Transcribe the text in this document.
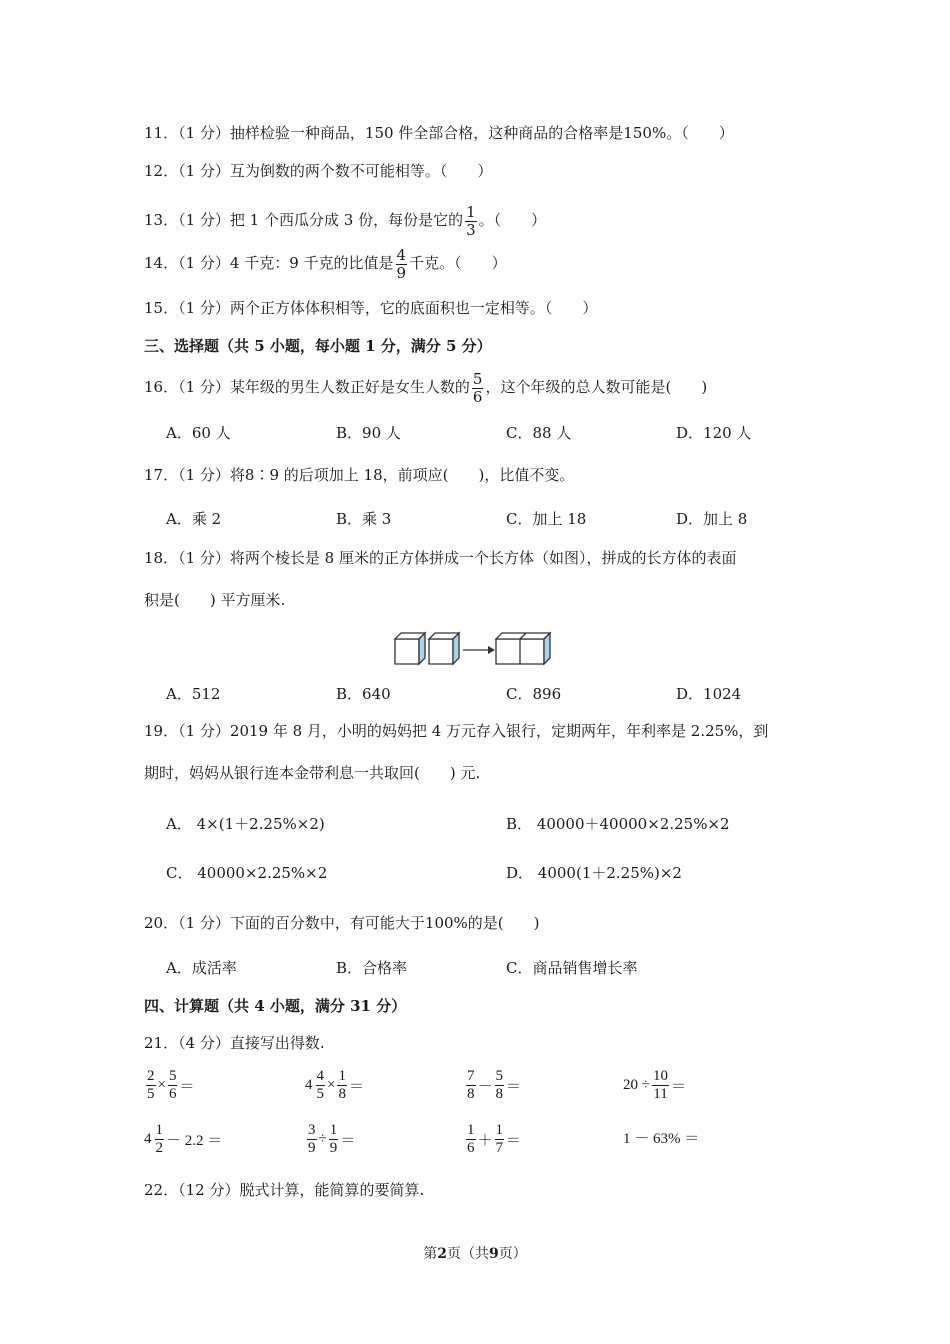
11．（1 分）抽样检验一种商品，150 件全部合格，这种商品的合格率是150%。（　　）
12．（1 分）互为倒数的两个数不可能相等。（　　）
13．（1 分）把 1 个西瓜分成 3 份，每份是它的 $\frac{1}{3}$ 。（　　）
14．（1 分）4 千克：9 千克的比值是 $\frac{4}{9}$ 千克。（　　）
15．（1 分）两个正方体体积相等，它的底面积也一定相等。（　　）
三、选择题（共 5 小题，每小题 1 分，满分 5 分）
16．（1 分）某年级的男生人数正好是女生人数的 $\frac{5}{6}$ ，这个年级的总人数可能是(　　)
A．60 人	B．90 人	C．88 人	D．120 人
17．（1 分）将8∶9 的后项加上 18，前项应(　　)，比值不变。
A．乘 2	B．乘 3	C．加上 18	D．加上 8
18．（1 分）将两个棱长是 8 厘米的正方体拼成一个长方体（如图），拼成的长方体的表面
积是(　　) 平方厘米.
A．512	B．640	C．896	D．1024
19．（1 分）2019 年 8 月，小明的妈妈把 4 万元存入银行，定期两年，年利率是 2.25%，到
期时，妈妈从银行连本金带利息一共取回(　　) 元.
A． 4×(1＋2.25%×2)	B． 40000＋40000×2.25%×2
C． 40000×2.25%×2	D． 4000(1＋2.25%)×2
20．（1 分）下面的百分数中，有可能大于100%的是(　　)
A．成活率	B．合格率	C．商品销售增长率
四、计算题（共 4 小题，满分 31 分）
21．（4 分）直接写出得数.
$\frac{2}{5} \times \frac{5}{6}$ ＝	$4 \frac{4}{5} \times \frac{1}{8}$ ＝	$\frac{7}{8} - \frac{5}{8}$ ＝	$20 \div \frac{10}{11}$ ＝
$4 \frac{1}{2} - 2.2$ ＝	$\frac{3}{9} \div \frac{1}{9}$ ＝	$\frac{1}{6} + \frac{1}{7}$ ＝	1 － 63% ＝
22．（12 分）脱式计算，能简算的要简算.
第2页（共9页）
